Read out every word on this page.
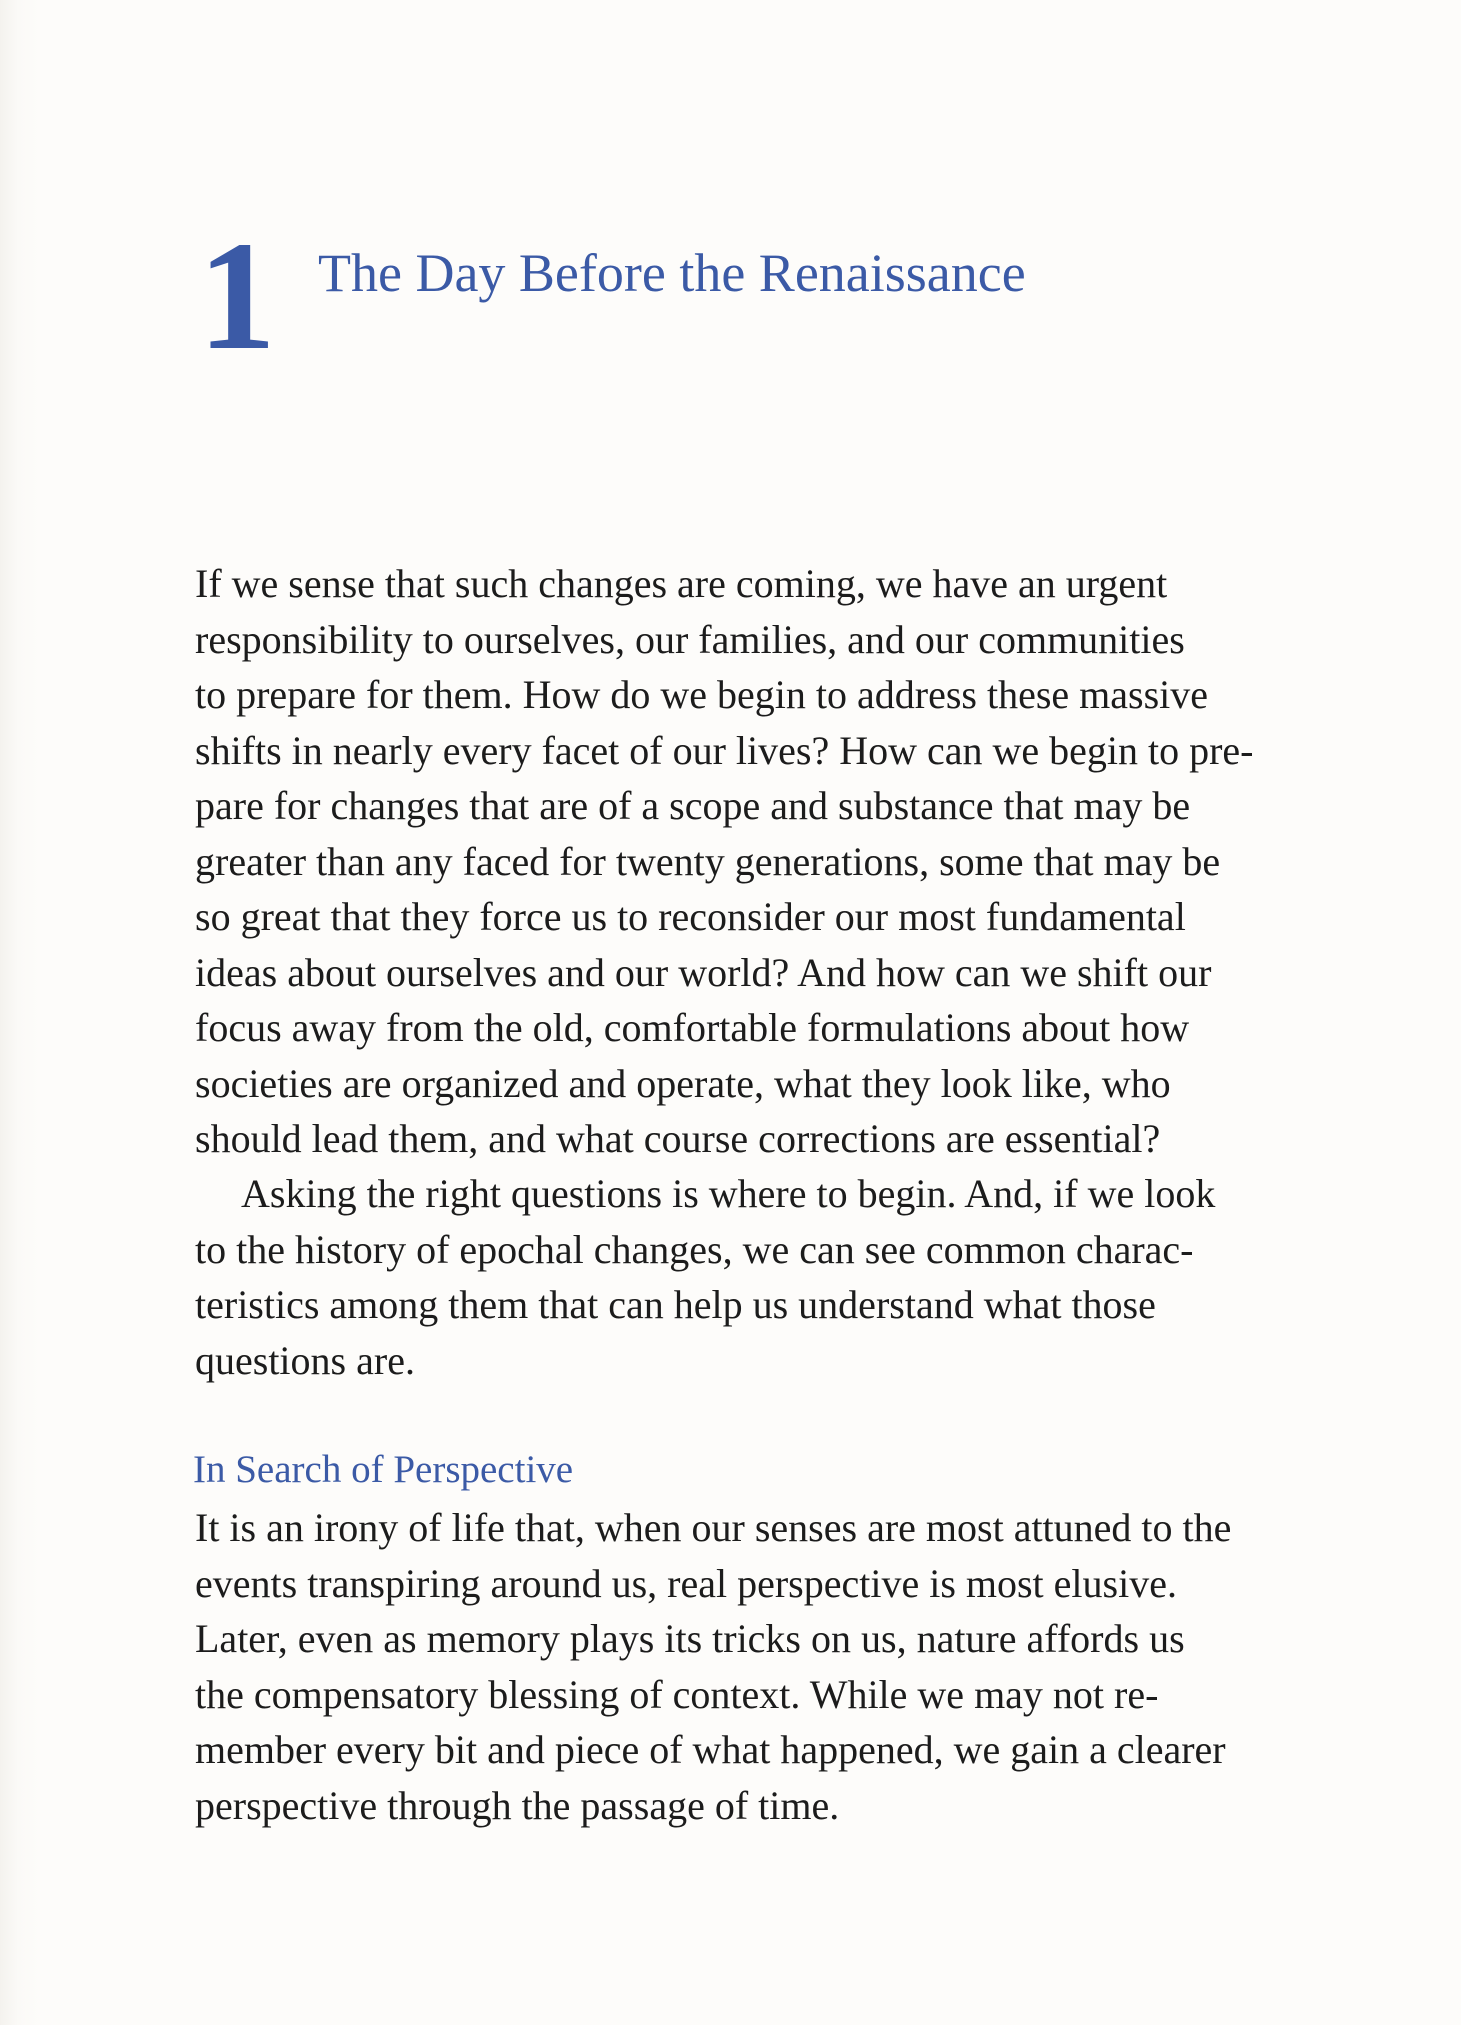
1 The Day Before the Renaissance
If we sense that such changes are coming, we have an urgent
responsibility to ourselves, our families, and our communities
to prepare for them. How do we begin to address these massive
shifts in nearly every facet of our lives? How can we begin to pre-
pare for changes that are of a scope and substance that may be
greater than any faced for twenty generations, some that may be
so great that they force us to reconsider our most fundamental
ideas about ourselves and our world? And how can we shift our
focus away from the old, comfortable formulations about how
societies are organized and operate, what they look like, who
should lead them, and what course corrections are essential?
Asking the right questions is where to begin. And, if we look
to the history of epochal changes, we can see common charac-
teristics among them that can help us understand what those
questions are.
In Search of Perspective
It is an irony of life that, when our senses are most attuned to the
events transpiring around us, real perspective is most elusive.
Later, even as memory plays its tricks on us, nature affords us
the compensatory blessing of context. While we may not re-
member every bit and piece of what happened, we gain a clearer
perspective through the passage of time.
